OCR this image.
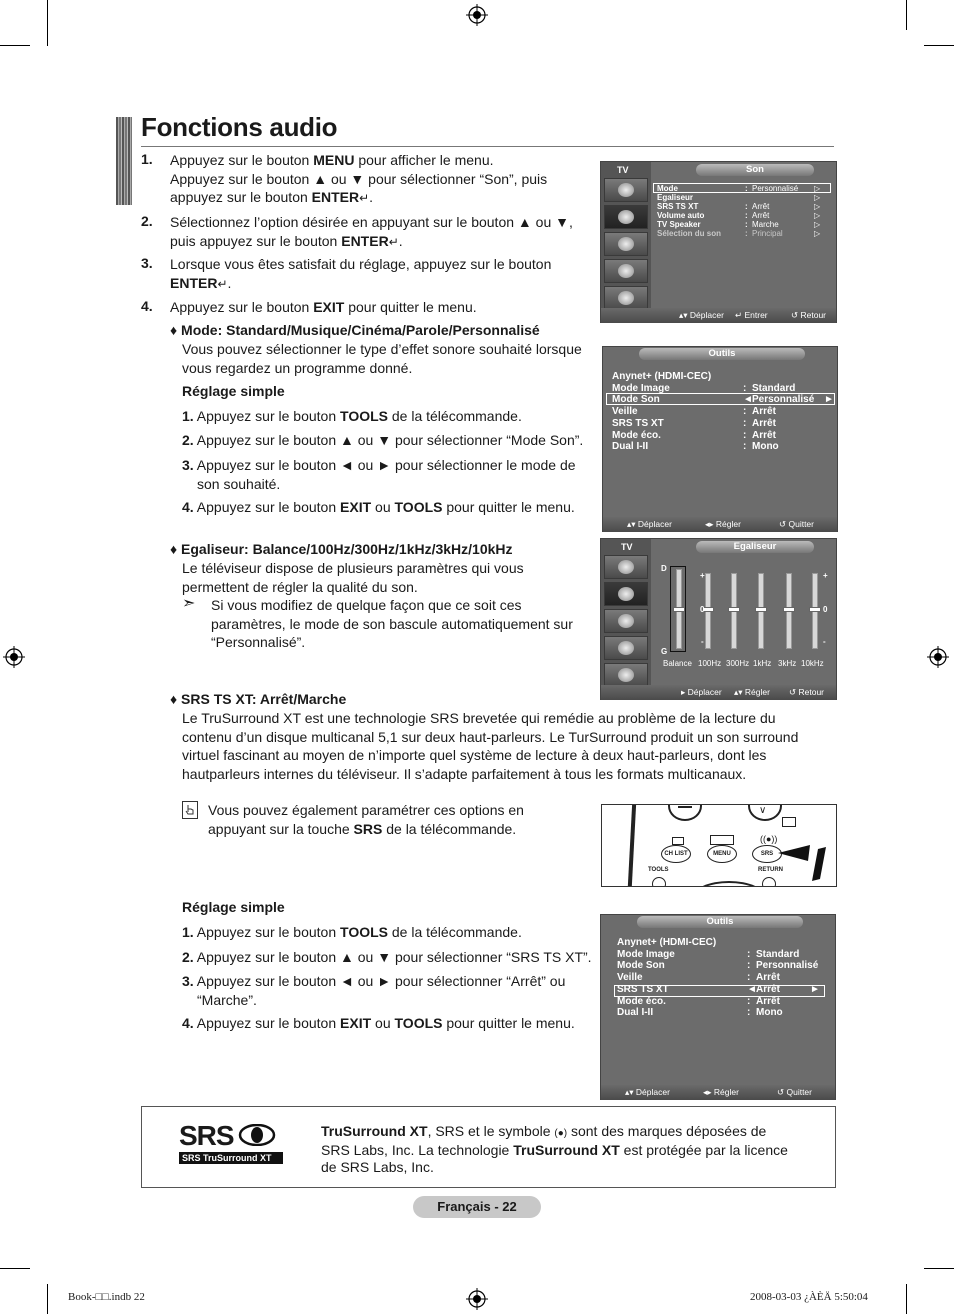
Fonctions audio
1. Appuyez sur le bouton MENU pour afficher le menu.
Appuyez sur le bouton ▲ ou ▼ pour sélectionner “Son”, puis
appuyez sur le bouton ENTER↵.
2. Sélectionnez l’option désirée en appuyant sur le bouton ▲ ou ▼,
puis appuyez sur le bouton ENTER↵.
3. Lorsque vous êtes satisfait du réglage, appuyez sur le bouton
ENTER↵.
4. Appuyez sur le bouton EXIT pour quitter le menu.
♦ Mode: Standard/Musique/Cinéma/Parole/Personnalisé
Vous pouvez sélectionner le type d’effet sonore souhaité lorsque
vous regardez un programme donné.
Réglage simple
1. Appuyez sur le bouton TOOLS de la télécommande.
2. Appuyez sur le bouton ▲ ou ▼ pour sélectionner “Mode Son”.
3. Appuyez sur le bouton ◄ ou ► pour sélectionner le mode de
son souhaité.
4. Appuyez sur le bouton EXIT ou TOOLS pour quitter le menu.
♦ Egaliseur: Balance/100Hz/300Hz/1kHz/3kHz/10kHz
Le téléviseur dispose de plusieurs paramètres qui vous
permettent de régler la qualité du son.
➣ Si vous modifiez de quelque façon que ce soit ces
paramètres, le mode de son bascule automatiquement sur
“Personnalisé”.
♦ SRS TS XT: Arrêt/Marche
Le TruSurround XT est une technologie SRS brevetée qui remédie au problème de la lecture du
contenu d’un disque multicanal 5,1 sur deux haut-parleurs. Le TurSurround produit un son surround
virtuel fascinant au moyen de n’importe quel système de lecture à deux haut-parleurs, dont les
hautparleurs internes du téléviseur. Il s’adapte parfaitement à tous les formats multicanaux.
Vous pouvez également paramétrer ces options en
appuyant sur la touche SRS de la télécommande.
Réglage simple
1. Appuyez sur le bouton TOOLS de la télécommande.
2. Appuyez sur le bouton ▲ ou ▼ pour sélectionner “SRS TS XT”.
3. Appuyez sur le bouton ◄ ou ► pour sélectionner “Arrêt” ou
“Marche”.
4. Appuyez sur le bouton EXIT ou TOOLS pour quitter le menu.
TV	Son
Mode	: Personnalisé ▷
Egaliseur	▷
SRS TS XT	: Arrêt	▷
Volume auto	: Arrêt	▷
TV Speaker	: Marche	▷
Sélection du son	: Principal	▷
▴▾ Déplacer ↵ Entrer	↺ Retour
Outils
Anynet+ (HDMI-CEC)
Mode Image	: Standard
Mode Son	◄ Personnalisé ►
Veille	: Arrêt
SRS TS XT	: Arrêt
Mode éco.	: Arrêt
Dual I-II	: Mono
▴▾ Déplacer	◂▸ Régler	↺ Quitter
TV	Egaliseur
D
G
Balance 100Hz 300Hz 1kHz 3kHz 10kHz
+	+
0	0
-	-
▸ Déplacer ▴▾ Régler ↺ Retour
∨
((●))
CH LIST	MENU	SRS
TOOLS	RETURN
Outils
Anynet+ (HDMI-CEC)
Mode Image	: Standard
Mode Son	: Personnalisé
Veille	: Arrêt
SRS TS XT	◄ Arrêt	►
Mode éco.	: Arrêt
Dual I-II	: Mono
▴▾ Déplacer	◂▸ Régler	↺ Quitter
SRS
SRS TruSurround XT
TruSurround XT, SRS et le symbole (●) sont des marques déposées de
SRS Labs, Inc. La technologie TruSurround XT est protégée par la licence
de SRS Labs, Inc.
Français - 22
Book-□□.indb 22	2008-03-03 ¿ÀÈÄ 5:50:04
